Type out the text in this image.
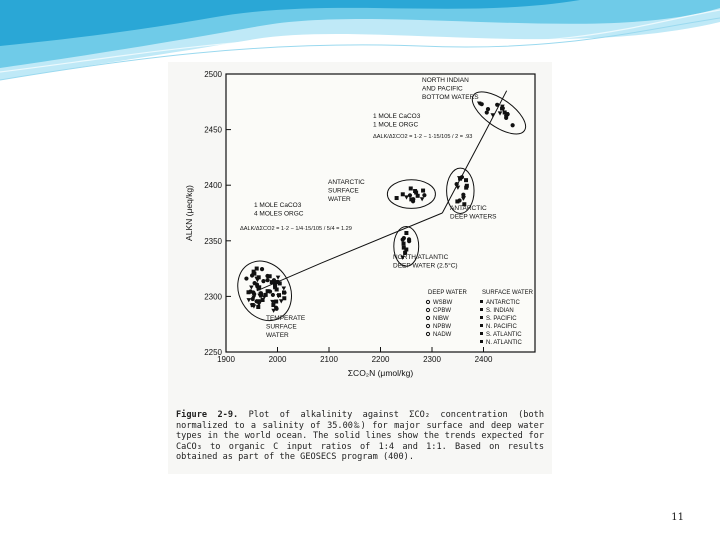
1900	2000	2100	2200	2300	2400
2250
2300
2350
2400
2450
2500
ΣCO₂N (μmol/kg)
ALKN (μeq/kg)
NORTH INDIAN
AND PACIFIC
BOTTOM WATERS
ANTARCTIC
SURFACE
WATER
ANTARCTIC
DEEP WATERS
NORTH ATLANTIC
DEEP WATER (2.5°C)
TEMPERATE
SURFACE
WATER
1 MOLE CaCO3
1 MOLE ORGC
1 MOLE CaCO3
4 MOLES ORGC
ΔALK/ΔΣCO2 = 1·2 − 1·15/105 / 2 = .93
ΔALK/ΔΣCO2 = 1·2 − 1/4·15/105 / 5/4 = 1.29
DEEP WATER	SURFACE WATER
WSBW
CPBW
NIBW
NPBW
NADW
ANTARCTIC
S. INDIAN
S. PACIFIC
N. PACIFIC
S. ATLANTIC
N. ATLANTIC
Figure 2-9. Plot of alkalinity against ΣCO₂ concentration (both normalized to a salinity of 35.00‰) for major surface and deep water types in the world ocean. The solid lines show the trends expected for CaCO₃ to organic C input ratios of 1:4 and 1:1. Based on results obtained as part of the GEOSECS program (400).
11
